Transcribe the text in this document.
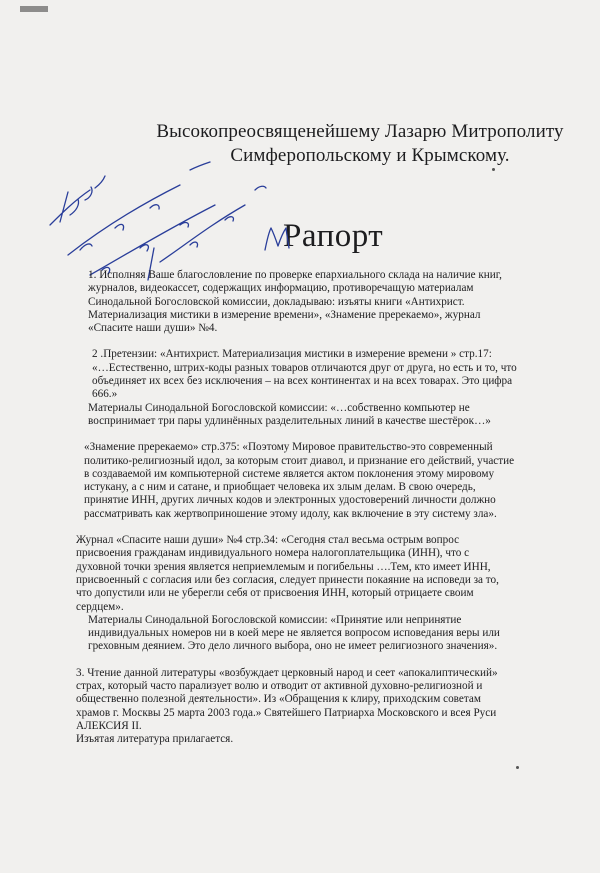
Высокопреосвященейшему Лазарю Митрополиту
Симферопольскому и Крымскому.
Рапорт

1. Исполняя Ваше благословление по проверке епархиального склада на наличие книг,
журналов, видеокассет, содержащих информацию, противоречащую материалам
Синодальной Богословской комиссии, докладываю: изъяты книги «Антихрист.
Материализация мистики в измерение времени», «Знамение пререкаемо», журнал
«Спасите наши души» №4.

2 .Претензии: «Антихрист. Материализация мистики в измерение времени » стр.17:
«…Естественно, штрих-коды разных товаров отличаются друг от друга, но есть и то, что
объединяет их всех без исключения – на всех континентах и на всех товарах. Это цифра
666.»

Материалы Синодальной Богословской комиссии: «…собственно компьютер не
воспринимает три пары удлинённых разделительных линий в качестве шестёрок…»

«Знамение пререкаемо» стр.375: «Поэтому Мировое правительство-это современный
политико-религиозный идол, за которым стоит диавол, и признание его действий, участие
в создаваемой им компьютерной системе является актом поклонения этому мировому
истукану, а с ним и сатане, и приобщает человека их злым делам. В свою очередь,
принятие ИНН, других личных кодов и электронных удостоверений личности должно
рассматривать как жертвоприношение этому идолу, как включение в эту систему зла».

Журнал «Спасите наши души» №4 стр.34: «Сегодня стал весьма острым вопрос
присвоения гражданам индивидуального номера налогоплательщика (ИНН), что с
духовной точки зрения является неприемлемым и погибельны ….Тем, кто имеет ИНН,
присвоенный с согласия или без согласия, следует принести покаяние на исповеди за то,
что допустили или не уберегли себя от присвоения ИНН, который отрицаете своим
сердцем».

Материалы Синодальной Богословской комиссии: «Принятие или непринятие
индивидуальных номеров ни в коей мере не является вопросом исповедания веры или
греховным деянием. Это дело личного выбора, оно не имеет религиозного значения».

3. Чтение данной литературы «возбуждает церковный народ и сеет «апокалиптический»
страх, который часто парализует волю и отводит от активной духовно-религиозной и
общественно полезной деятельности». Из «Обращения к клиру, приходским советам
храмов г. Москвы 25 марта 2003 года.» Святейшего Патриарха Московского и всея Руси
АЛЕКСИЯ II.

Изъятая литература прилагается.
